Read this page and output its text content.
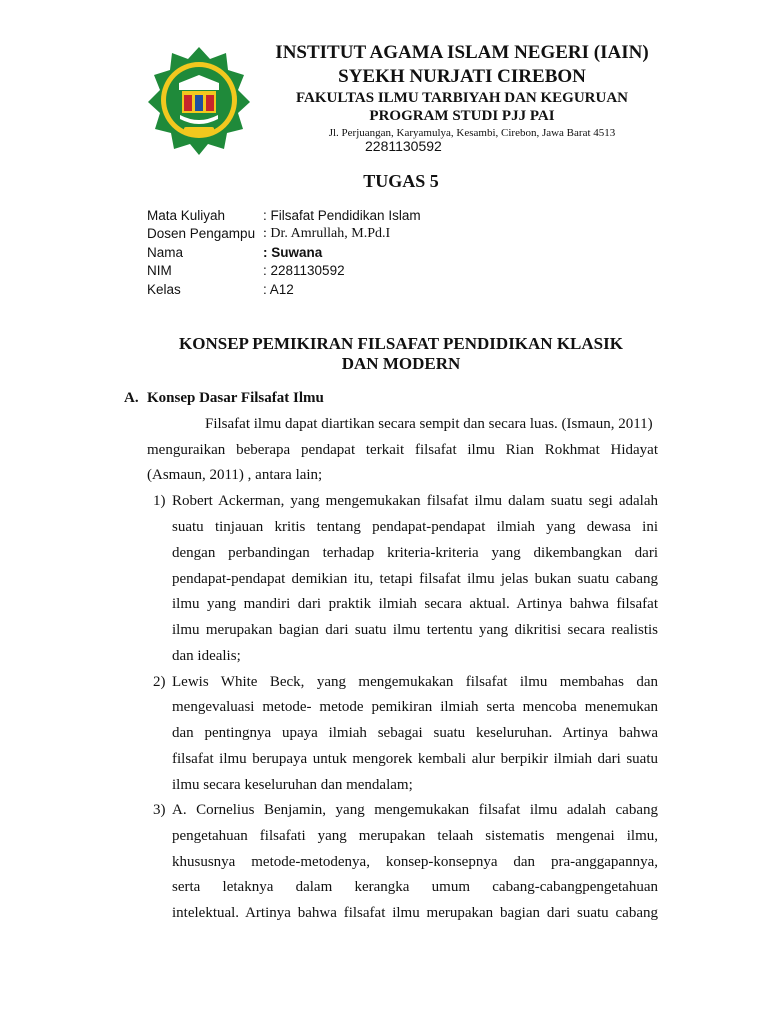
INSTITUT AGAMA ISLAM NEGERI (IAIN)
SYEKH NURJATI CIREBON
FAKULTAS ILMU TARBIYAH DAN KEGURUAN
PROGRAM STUDI PJJ PAI
Jl. Perjuangan, Karyamulya, Kesambi, Cirebon, Jawa Barat 4513
2281130592
TUGAS 5
Mata Kuliyah	: Filsafat Pendidikan Islam
Dosen Pengampu : Dr. Amrullah, M.Pd.I
Nama	: Suwana
NIM	: 2281130592
Kelas	: A12
KONSEP PEMIKIRAN FILSAFAT PENDIDIKAN KLASIK
DAN MODERN
A. Konsep Dasar Filsafat Ilmu
Filsafat ilmu dapat diartikan secara sempit dan secara luas. (Ismaun, 2011)
menguraikan beberapa pendapat terkait filsafat ilmu Rian Rokhmat Hidayat
(Asmaun, 2011) , antara lain;
1) Robert Ackerman, yang mengemukakan filsafat ilmu dalam suatu segi adalah
suatu tinjauan kritis tentang pendapat-pendapat ilmiah yang dewasa ini
dengan perbandingan terhadap kriteria-kriteria yang dikembangkan dari
pendapat-pendapat demikian itu, tetapi filsafat ilmu jelas bukan suatu cabang
ilmu yang mandiri dari praktik ilmiah secara aktual. Artinya bahwa filsafat
ilmu merupakan bagian dari suatu ilmu tertentu yang dikritisi secara realistis
dan idealis;
2) Lewis White Beck, yang mengemukakan filsafat ilmu membahas dan
mengevaluasi metode- metode pemikiran ilmiah serta mencoba menemukan
dan pentingnya upaya ilmiah sebagai suatu keseluruhan. Artinya bahwa
filsafat ilmu berupaya untuk mengorek kembali alur berpikir ilmiah dari suatu
ilmu secara keseluruhan dan mendalam;
3) A. Cornelius Benjamin, yang mengemukakan filsafat ilmu adalah cabang
pengetahuan filsafati yang merupakan telaah sistematis mengenai ilmu,
khususnya metode-metodenya, konsep-konsepnya dan pra-anggapannya,
serta letaknya dalam kerangka umum cabang-cabangpengetahuan
intelektual. Artinya bahwa filsafat ilmu merupakan bagian dari suatu cabang
